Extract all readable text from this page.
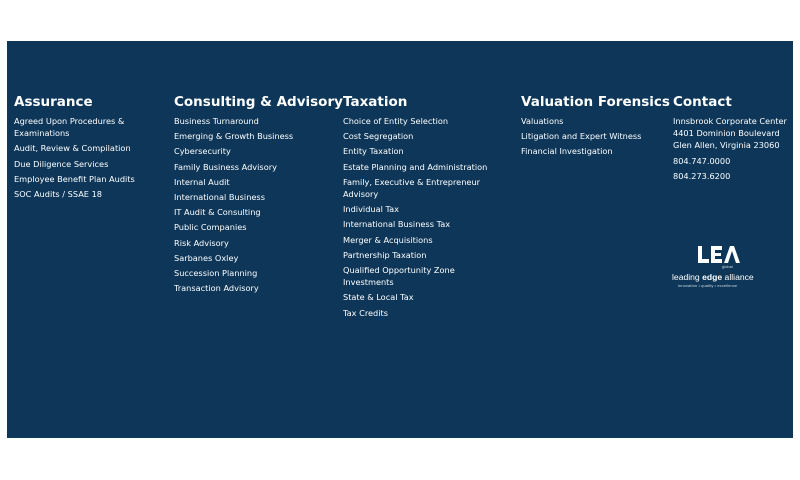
Assurance
Agreed Upon Procedures & Examinations
Audit, Review & Compilation
Due Diligence Services
Employee Benefit Plan Audits
SOC Audits / SSAE 18
Consulting & Advisory
Business Turnaround
Emerging & Growth Business
Cybersecurity
Family Business Advisory
Internal Audit
International Business
IT Audit & Consulting
Public Companies
Risk Advisory
Sarbanes Oxley
Succession Planning
Transaction Advisory
Taxation
Choice of Entity Selection
Cost Segregation
Entity Taxation
Estate Planning and Administration
Family, Executive & Entrepreneur Advisory
Individual Tax
International Business Tax
Merger & Acquisitions
Partnership Taxation
Qualified Opportunity Zone Investments
State & Local Tax
Tax Credits
Valuation Forensics
Valuations
Litigation and Expert Witness
Financial Investigation
Contact
Innsbrook Corporate Center
4401 Dominion Boulevard
Glen Allen, Virginia 23060
804.747.0000
804.273.6200
global
leading edge alliance
innovation • quality • excellence
